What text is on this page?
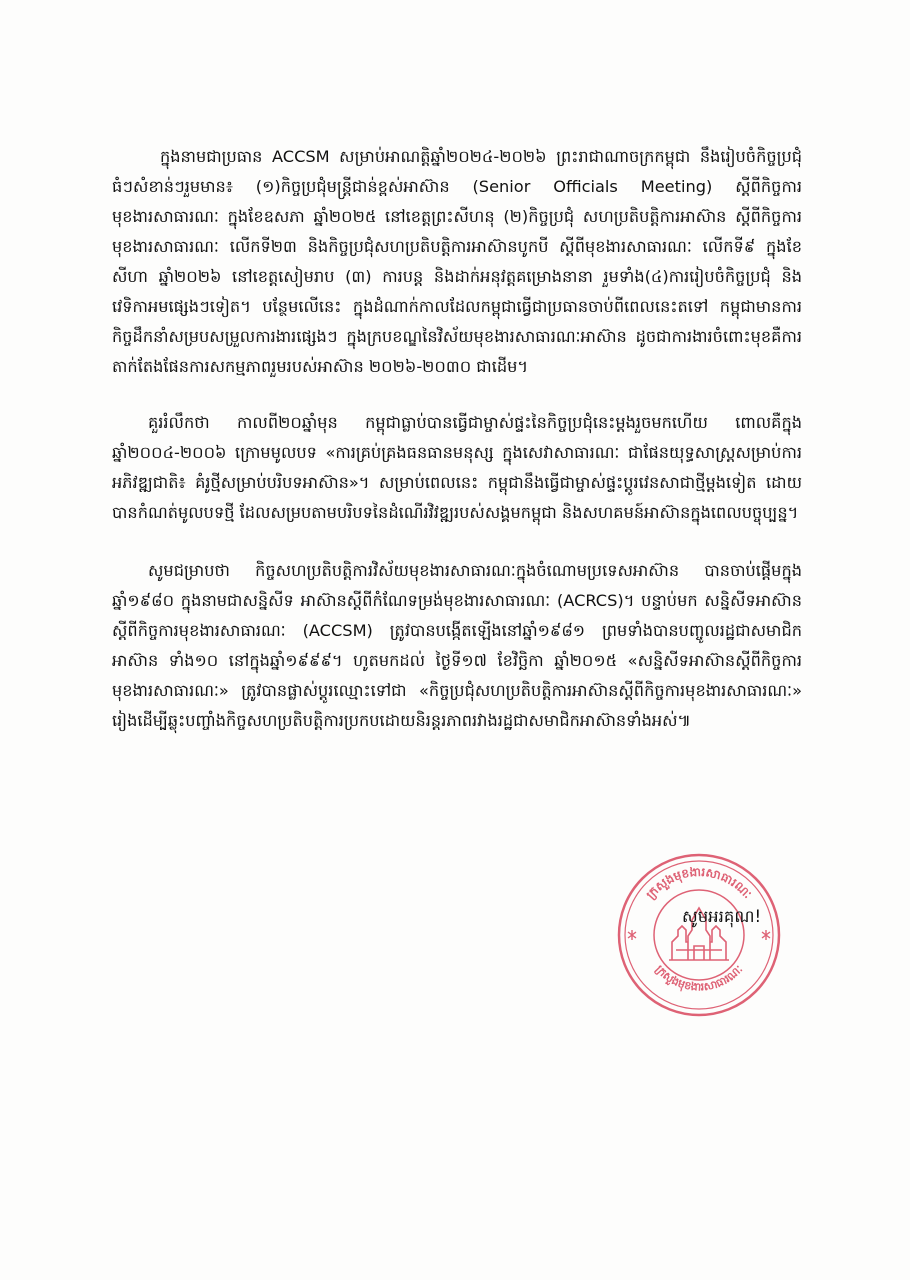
ក្នុងនាមជាប្រធាន ACCSM សម្រាប់អាណត្តិឆ្នាំ២០២៤-២០២៦ ព្រះរាជាណាចក្រកម្ពុជា នឹងរៀបចំកិច្ចប្រជុំធំៗសំខាន់ៗរួមមាន៖ (១)កិច្ចប្រជុំមន្ត្រីជាន់ខ្ពស់អាស៊ាន (Senior Officials Meeting) ស្តីពីកិច្ចការមុខងារសាធារណៈ ក្នុងខែឧសភា ឆ្នាំ២០២៥ នៅខេត្តព្រះសីហនុ (២)កិច្ចប្រជុំ សហប្រតិបត្តិការអាស៊ាន ស្តីពីកិច្ចការមុខងារសាធារណៈ លើកទី២៣ និងកិច្ចប្រជុំសហប្រតិបត្តិការអាស៊ានបូកបី ស្តីពីមុខងារសាធារណៈ លើកទី៩ ក្នុងខែសីហា ឆ្នាំ២០២៦ នៅខេត្តសៀមរាប (៣) ការបន្ត និងដាក់អនុវត្តគម្រោងនានា រួមទាំង(៤)ការរៀបចំកិច្ចប្រជុំ និងវេទិកាអមផ្សេងៗទៀត។ បន្ថែមលើនេះ ក្នុងដំណាក់កាលដែលកម្ពុជាធ្វើជាប្រធានចាប់ពីពេលនេះតទៅ កម្ពុជាមានការកិច្ចដឹកនាំសម្របសម្រួលការងារផ្សេងៗ ក្នុងក្របខណ្ឌនៃវិស័យមុខងារសាធារណៈអាស៊ាន ដូចជាការងារចំពោះមុខគឺការតាក់តែងផែនការសកម្មភាពរួមរបស់អាស៊ាន ២០២៦-២០៣០ ជាដើម។

គួររំលឹកថា កាលពី២០ឆ្នាំមុន កម្ពុជាធ្លាប់បានធ្វើជាម្ចាស់ផ្ទះនៃកិច្ចប្រជុំនេះម្តងរួចមកហើយ ពោលគឺក្នុងឆ្នាំ២០០៤-២០០៦ ក្រោមមូលបទ «ការគ្រប់គ្រងធនធានមនុស្ស ក្នុងសេវាសាធារណៈ ជាផែនយុទ្ធសាស្ត្រសម្រាប់ការអភិវឌ្ឍជាតិ៖ គំរូថ្មីសម្រាប់បរិបទអាស៊ាន»។ សម្រាប់ពេលនេះ កម្ពុជានឹងធ្វើជាម្ចាស់ផ្ទះប្តូរវេនសាជាថ្មីម្តងទៀត ដោយបានកំណត់មូលបទថ្មី ដែលសម្របតាមបរិបទនៃដំណើរវិវឌ្ឍរបស់សង្គមកម្ពុជា និងសហគមន៍អាស៊ានក្នុងពេលបច្ចុប្បន្ន។

សូមជម្រាបថា កិច្ចសហប្រតិបត្តិការវិស័យមុខងារសាធារណៈក្នុងចំណោមប្រទេសអាស៊ាន បានចាប់ផ្តើមក្នុងឆ្នាំ១៩៨០ ក្នុងនាមជាសន្និសីទ អាស៊ានស្តីពីកំណែទម្រង់មុខងារសាធារណៈ (ACRCS)។ បន្ទាប់មក សន្និសីទអាស៊ាន ស្តីពីកិច្ចការមុខងារសាធារណៈ (ACCSM) ត្រូវបានបង្កើតឡើងនៅឆ្នាំ១៩៨១ ព្រមទាំងបានបញ្ចូលរដ្ឋជាសមាជិកអាស៊ាន ទាំង១០ នៅក្នុងឆ្នាំ១៩៩៩។ ហូតមកដល់ ថ្ងៃទី១៧ ខែវិច្ឆិកា ឆ្នាំ២០១៥ «សន្និសីទអាស៊ានស្តីពីកិច្ចការមុខងារសាធារណៈ» ត្រូវបានផ្លាស់ប្តូរឈ្មោះទៅជា «កិច្ចប្រជុំសហប្រតិបត្តិការអាស៊ានស្តីពីកិច្ចការមុខងារសាធារណៈ» រៀងដើម្បីឆ្លុះបញ្ចាំងកិច្ចសហប្រតិបត្តិការប្រកបដោយនិរន្តរភាពរវាងរដ្ឋជាសមាជិកអាស៊ានទាំងអស់៕

ក្រសួងមុខងារសាធារណៈ
ក្រសួងមុខងារសាធារណៈ
សូមអរគុណ!
